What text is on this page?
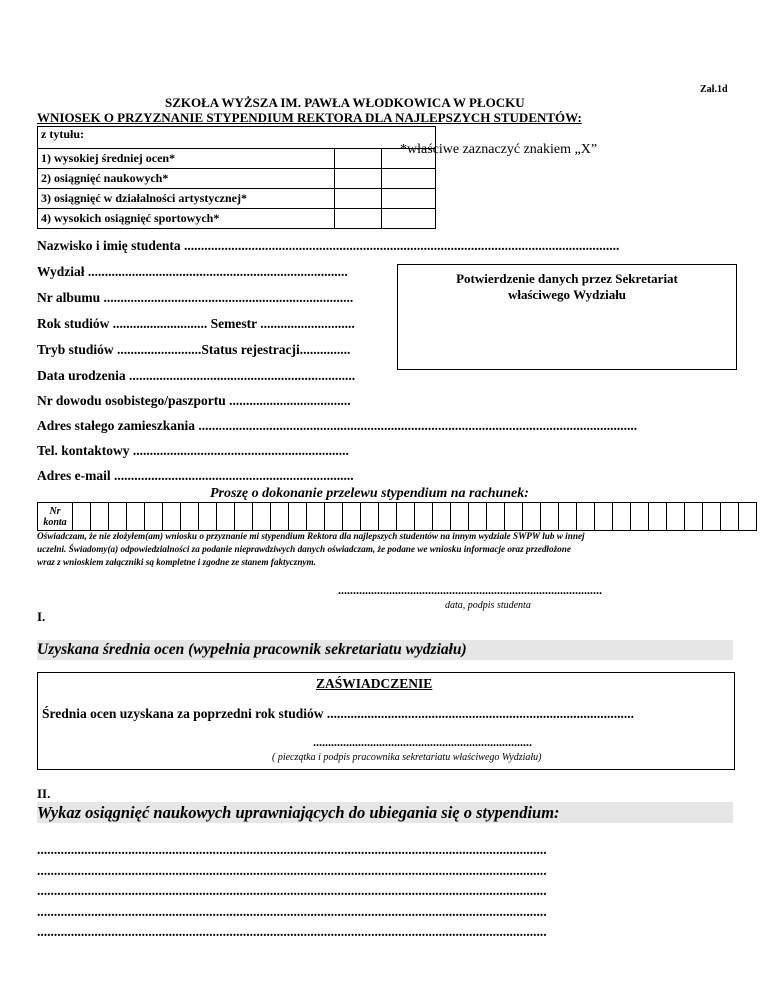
Zał.1d
SZKOŁA WYŻSZA IM. PAWŁA WŁODKOWICA W PŁOCKU
WNIOSEK O PRZYZNANIE STYPENDIUM REKTORA DLA NAJLEPSZYCH STUDENTÓW:
z tytułu:		
1) wysokiej średniej ocen*		
2) osiągnięć naukowych*		
3) osiągnięć w działalności artystycznej*		
4) wysokich osiągnięć sportowych*		
*właściwe zaznaczyć znakiem „X”
Nazwisko i imię studenta .................................................................................................................................
Wydział .............................................................................
Nr albumu ..........................................................................
Rok studiów ............................ Semestr ............................
Tryb studiów .........................Status rejestracji...............
Data urodzenia ...................................................................
Nr dowodu osobistego/paszportu ....................................
Adres stałego zamieszkania ..................................................................................................................................
Tel. kontaktowy ................................................................
Adres e-mail .......................................................................
Potwierdzenie danych przez Sekretariat
właściwego Wydziału
Proszę o dokonanie przelewu stypendium na rachunek:
Nr
konta																																						
Oświadczam, że nie złożyłem(am) wniosku o przyznanie mi stypendium Rektora dla najlepszych studentów na innym wydziale SWPW lub w innej
uczelni. Świadomy(a) odpowiedzialności za podanie nieprawdziwych danych oświadczam, że podane we wniosku informacje oraz przedłożone
wraz z wnioskiem załączniki są kompletne i zgodne ze stanem faktycznym.
........................................................................................
data, podpis studenta
I.
Uzyskana średnia ocen (wypełnia pracownik sekretariatu wydziału)
ZAŚWIADCZENIE
Średnia ocen uzyskana za poprzedni rok studiów ...........................................................................................
.........................................................................
( pieczątka i podpis pracownika sekretariatu właściwego Wydziału)
II.
Wykaz osiągnięć naukowych uprawniających do ubiegania się o stypendium:
.......................................................................................................................................................
.......................................................................................................................................................
.......................................................................................................................................................
.......................................................................................................................................................
.......................................................................................................................................................
